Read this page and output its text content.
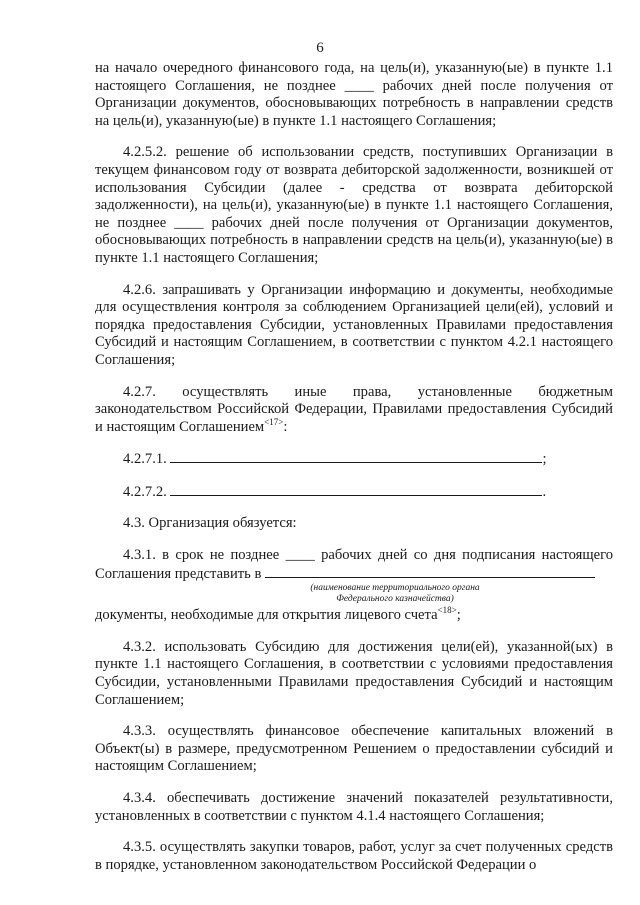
6

на начало очередного финансового года, на цель(и), указанную(ые) в пункте 1.1 настоящего Соглашения, не позднее ____ рабочих дней после получения от Организации документов, обосновывающих потребность в направлении средств на цель(и), указанную(ые) в пункте 1.1 настоящего Соглашения;

4.2.5.2. решение об использовании средств, поступивших Организации в текущем финансовом году от возврата дебиторской задолженности, возникшей от использования Субсидии (далее - средства от возврата дебиторской задолженности), на цель(и), указанную(ые) в пункте 1.1 настоящего Соглашения, не позднее ____ рабочих дней после получения от Организации документов, обосновывающих потребность в направлении средств на цель(и), указанную(ые) в пункте 1.1 настоящего Соглашения;

4.2.6. запрашивать у Организации информацию и документы, необходимые для осуществления контроля за соблюдением Организацией цели(ей), условий и порядка предоставления Субсидии, установленных Правилами предоставления Субсидий и настоящим Соглашением, в соответствии с пунктом 4.2.1 настоящего Соглашения;

4.2.7. осуществлять иные права, установленные бюджетным законодательством Российской Федерации, Правилами предоставления Субсидий и настоящим Соглашением$^{<17>}$:

4.2.7.1.	;
4.2.7.2.	.

4.3. Организация обязуется:

4.3.1. в срок не позднее ____ рабочих дней со дня подписания настоящего Соглашения представить в

(наименование территориального органа Федерального казначейства)

документы, необходимые для открытия лицевого счета$^{<18>}$;

4.3.2. использовать Субсидию для достижения цели(ей), указанной(ых) в пункте 1.1 настоящего Соглашения, в соответствии с условиями предоставления Субсидии, установленными Правилами предоставления Субсидий и настоящим Соглашением;

4.3.3. осуществлять финансовое обеспечение капитальных вложений в Объект(ы) в размере, предусмотренном Решением о предоставлении субсидий и настоящим Соглашением;

4.3.4. обеспечивать достижение значений показателей результативности, установленных в соответствии с пунктом 4.1.4 настоящего Соглашения;

4.3.5. осуществлять закупки товаров, работ, услуг за счет полученных средств в порядке, установленном законодательством Российской Федерации о
